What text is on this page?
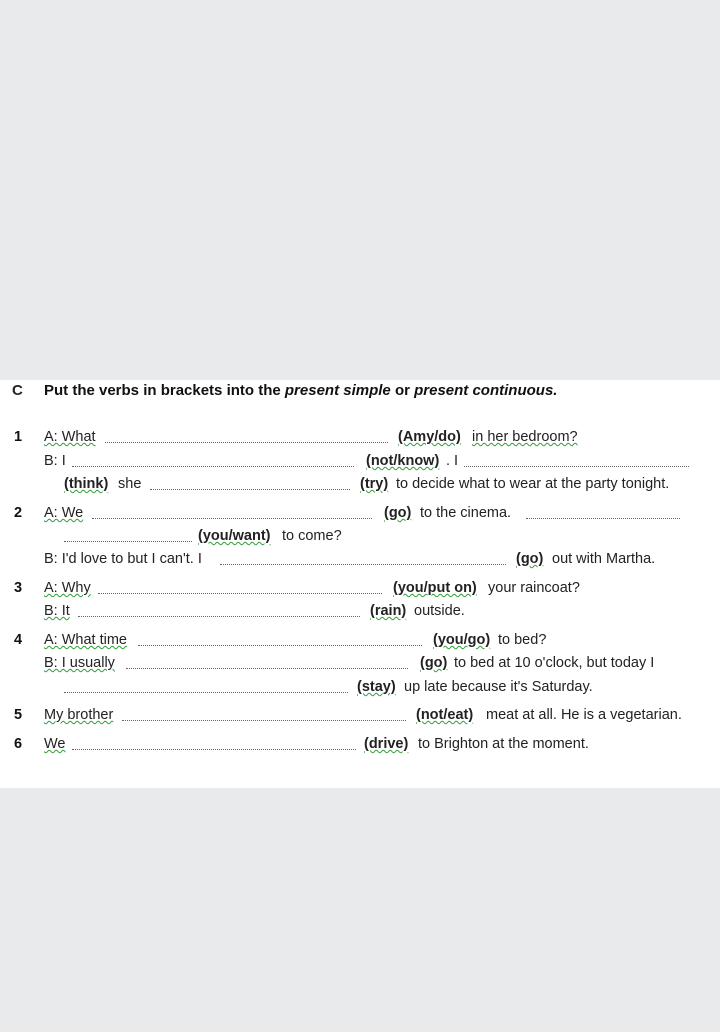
C Put the verbs in brackets into the present simple or present continuous.
1 A: What	(Amy/do) in her bedroom?
B: I	(not/know) . I
(think) she	(try) to decide what to wear at the party tonight.
2 A: We	(go) to the cinema.
(you/want) to come?
B: I'd love to but I can't. I	(go) out with Martha.
3 A: Why	(you/put on) your raincoat?
B: It	(rain) outside.
4 A: What time	(you/go) to bed?
B: I usually	(go) to bed at 10 o'clock, but today I
(stay) up late because it's Saturday.
5 My brother	(not/eat) meat at all. He is a vegetarian.
6 We	(drive) to Brighton at the moment.
